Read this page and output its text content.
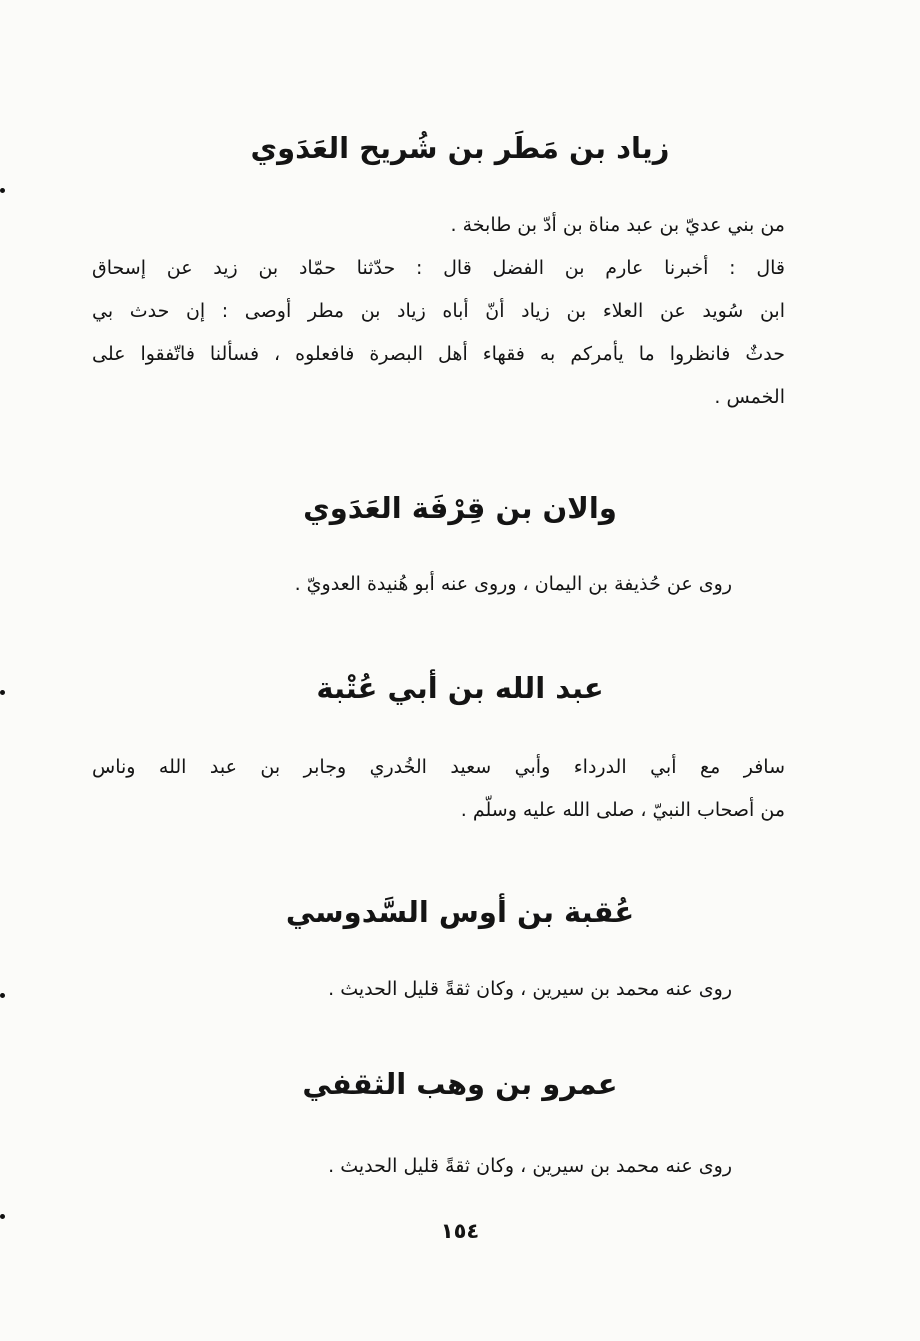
زياد بن مَطَر بن شُريح العَدَوي
من بني عديّ بن عبد مناة بن أدّ بن طابخة .
قال : أخبرنا عارم بن الفضل قال : حدّثنا حمّاد بن زيد عن إسحاق
ابن سُويد عن العلاء بن زياد أنّ أباه زياد بن مطر أوصى : إن حدث بي
حدثٌ فانظروا ما يأمركم به فقهاء أهل البصرة فافعلوه ، فسألنا فاتّفقوا على
الخمس .
والان بن قِرْفَة العَدَوي
روى عن حُذيفة بن اليمان ، وروى عنه أبو هُنيدة العدويّ .
عبد الله بن أبي عُتْبة
سافر مع أبي الدرداء وأبي سعيد الخُدري وجابر بن عبد الله وناس
من أصحاب النبيّ ، صلى الله عليه وسلّم .
عُقبة بن أوس السَّدوسي
روى عنه محمد بن سيرين ، وكان ثقةً قليل الحديث .
عمرو بن وهب الثقفي
روى عنه محمد بن سيرين ، وكان ثقةً قليل الحديث .
١٥٤
